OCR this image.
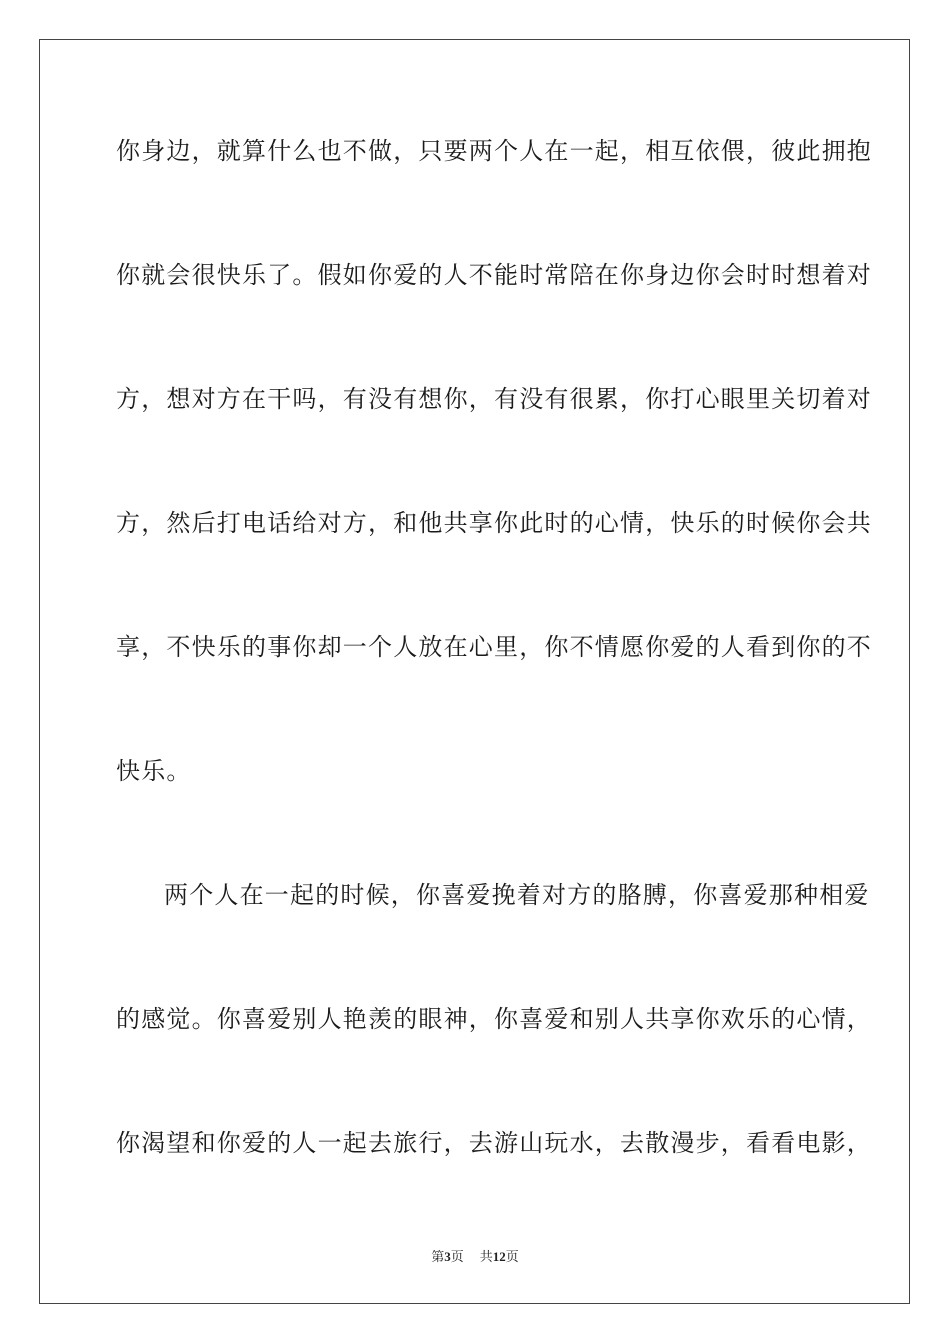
你身边，就算什么也不做，只要两个人在一起，相互依偎，彼此拥抱
你就会很快乐了。假如你爱的人不能时常陪在你身边你会时时想着对
方，想对方在干吗，有没有想你，有没有很累，你打心眼里关切着对
方，然后打电话给对方，和他共享你此时的心情，快乐的时候你会共
享，不快乐的事你却一个人放在心里，你不情愿你爱的人看到你的不
快乐。
两个人在一起的时候，你喜爱挽着对方的胳膊，你喜爱那种相爱
的感觉。你喜爱别人艳羡的眼神，你喜爱和别人共享你欢乐的心情，
你渴望和你爱的人一起去旅行，去游山玩水，去散漫步，看看电影，
第3页 共12页
